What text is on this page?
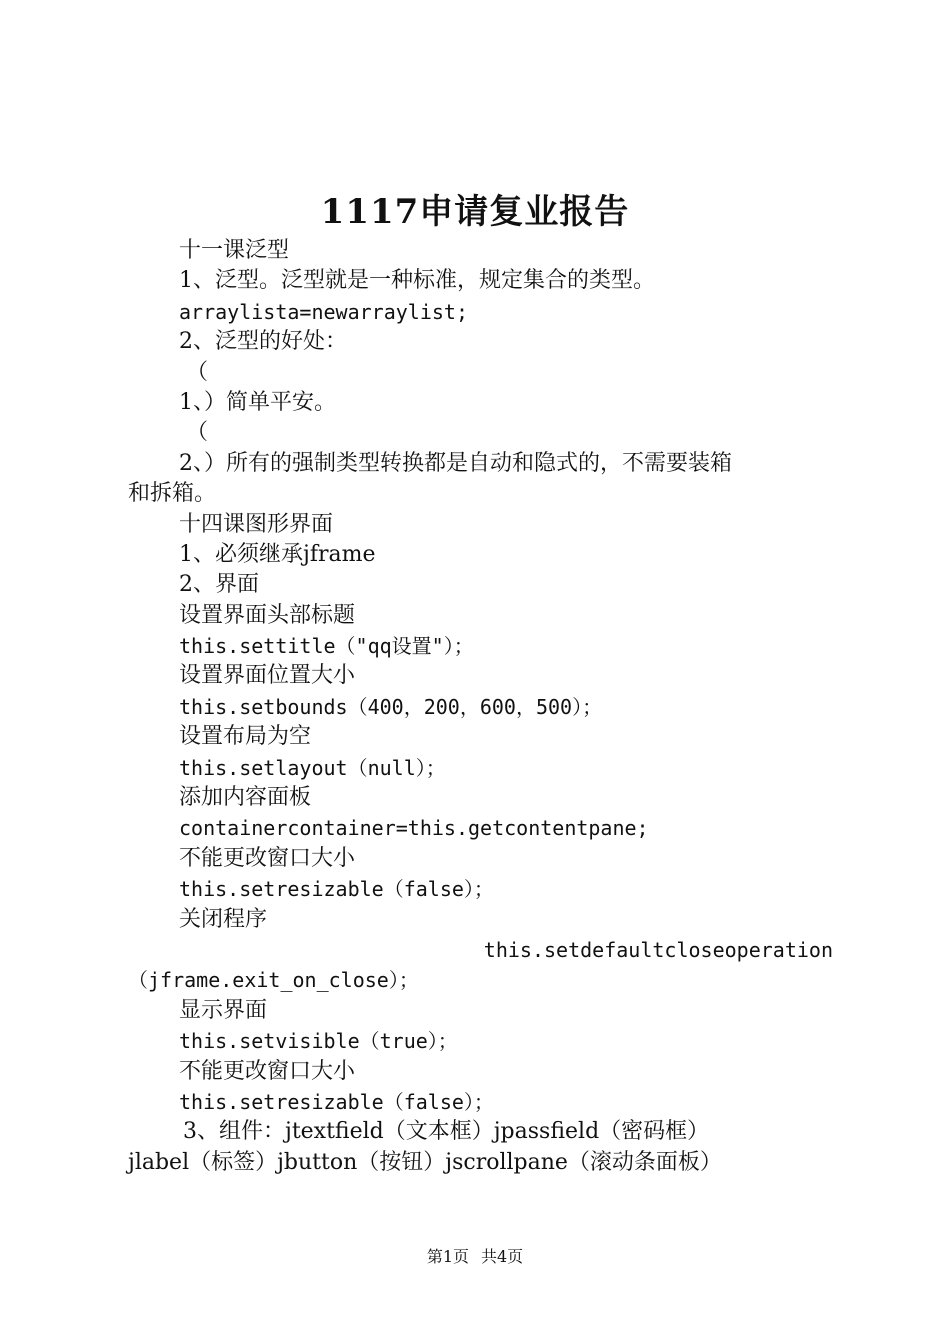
1117申请复业报告

十一课泛型

1、泛型。泛型就是一种标准，规定集合的类型。

arraylista=newarraylist;

2、泛型的好处：

（

1、）简单平安。

（

2、）所有的强制类型转换都是自动和隐式的，不需要装箱

和拆箱。

十四课图形界面

1、必须继承jframe

2、界面

设置界面头部标题

this.settitle（"qq设置"）；

设置界面位置大小

this.setbounds（400，200，600，500）；

设置布局为空

this.setlayout（null）；

添加内容面板

containercontainer=this.getcontentpane;

不能更改窗口大小

this.setresizable（false）；

关闭程序

this.setdefaultcloseoperation

（jframe.exit_on_close）；

显示界面

this.setvisible（true）；

不能更改窗口大小

this.setresizable（false）；

3、组件：jtextfield（文本框）jpassfield（密码框）

jlabel（标签）jbutton（按钮）jscrollpane（滚动条面板）

第1页 共4页
